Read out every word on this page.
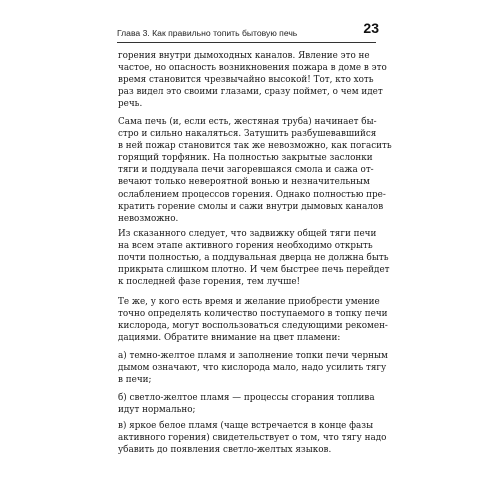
Глава 3. Как правильно топить бытовую печь	23

горения внутри дымоходных каналов. Явление это не
частое, но опасность возникновения пожара в доме в это
время становится чрезвычайно высокой! Тот, кто хоть
раз видел это своими глазами, сразу поймет, о чем идет
речь.

Сама печь (и, если есть, жестяная труба) начинает бы-
стро и сильно накаляться. Затушить разбушевавшийся
в ней пожар становится так же невозможно, как погасить
горящий торфяник. На полностью закрытые заслонки
тяги и поддувала печи загоревшаяся смола и сажа от-
вечают только невероятной вонью и незначительным
ослаблением процессов горения. Однако полностью пре-
кратить горение смолы и сажи внутри дымовых каналов
невозможно.

Из сказанного следует, что задвижку общей тяги печи
на всем этапе активного горения необходимо открыть
почти полностью, а поддувальная дверца не должна быть
прикрыта слишком плотно. И чем быстрее печь перейдет
к последней фазе горения, тем лучше!

Те же, у кого есть время и желание приобрести умение
точно определять количество поступаемого в топку печи
кислорода, могут воспользоваться следующими рекомен-
дациями. Обратите внимание на цвет пламени:

а) темно-желтое пламя и заполнение топки печи черным
дымом означают, что кислорода мало, надо усилить тягу
в печи;

б) светло-желтое пламя — процессы сгорания топлива
идут нормально;

в) яркое белое пламя (чаще встречается в конце фазы
активного горения) свидетельствует о том, что тягу надо
убавить до появления светло-желтых языков.
